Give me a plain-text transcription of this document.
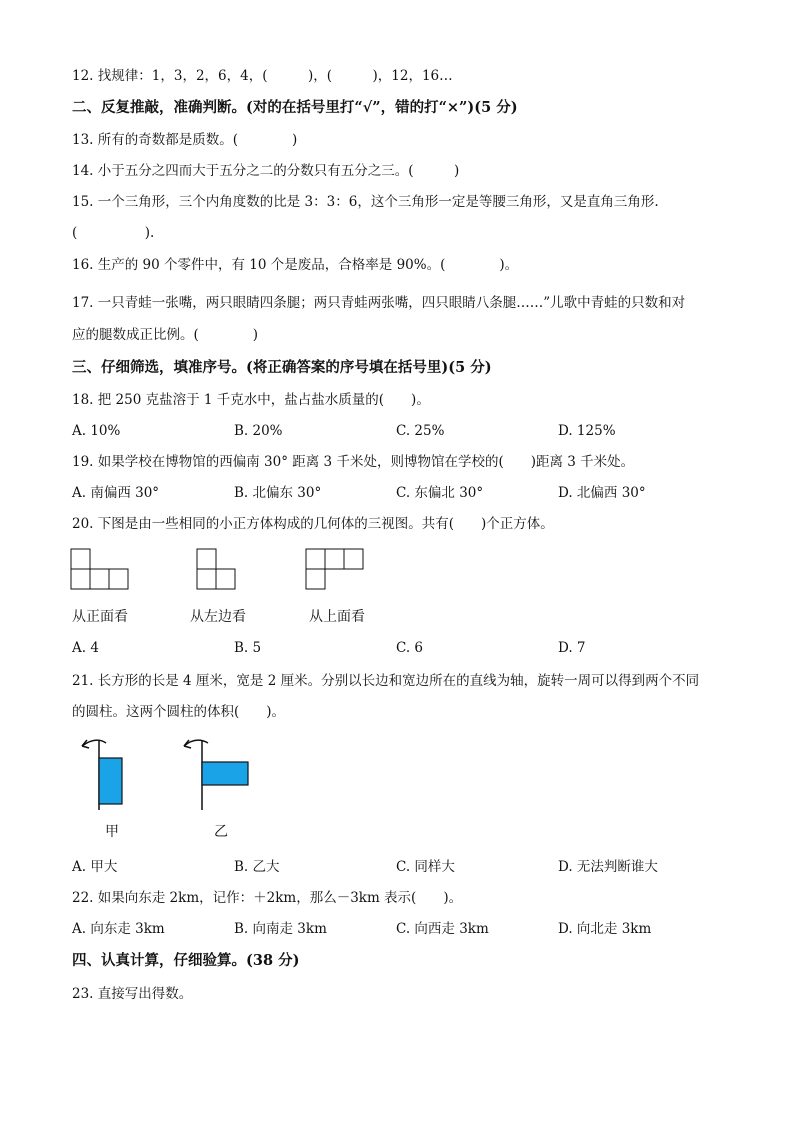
12. 找规律：1，3，2，6，4，(　　　)，(　　　)，12，16…
二、反复推敲，准确判断。(对的在括号里打“√”，错的打“×”)(5 分)
13. 所有的奇数都是质数。(　　　　)
14. 小于五分之四而大于五分之二的分数只有五分之三。(　　　)
15. 一个三角形，三个内角度数的比是 3：3：6，这个三角形一定是等腰三角形，又是直角三角形.
(　　　　　).
16. 生产的 90 个零件中，有 10 个是废品，合格率是 90%。(　　　　)。
17. 一只青蛙一张嘴，两只眼睛四条腿；两只青蛙两张嘴，四只眼睛八条腿……”儿歌中青蛙的只数和对
应的腿数成正比例。(　　　　)
三、仔细筛选，填准序号。(将正确答案的序号填在括号里)(5 分)
18. 把 250 克盐溶于 1 千克水中，盐占盐水质量的(　　)。
A. 10%	B. 20%	C. 25%	D. 125%
19. 如果学校在博物馆的西偏南 30° 距离 3 千米处，则博物馆在学校的(　　)距离 3 千米处。
A. 南偏西 30°	B. 北偏东 30°	C. 东偏北 30°	D. 北偏西 30°
20. 下图是由一些相同的小正方体构成的几何体的三视图。共有(　　)个正方体。
从正面看	从左边看	从上面看
A. 4	B. 5	C. 6	D. 7
21. 长方形的长是 4 厘米，宽是 2 厘米。分别以长边和宽边所在的直线为轴，旋转一周可以得到两个不同
的圆柱。这两个圆柱的体积(　　)。
甲	乙
A. 甲大	B. 乙大	C. 同样大	D. 无法判断谁大
22. 如果向东走 2km，记作：＋2km，那么－3km 表示(　　)。
A. 向东走 3km	B. 向南走 3km	C. 向西走 3km	D. 向北走 3km
四、认真计算，仔细验算。(38 分)
23. 直接写出得数。
